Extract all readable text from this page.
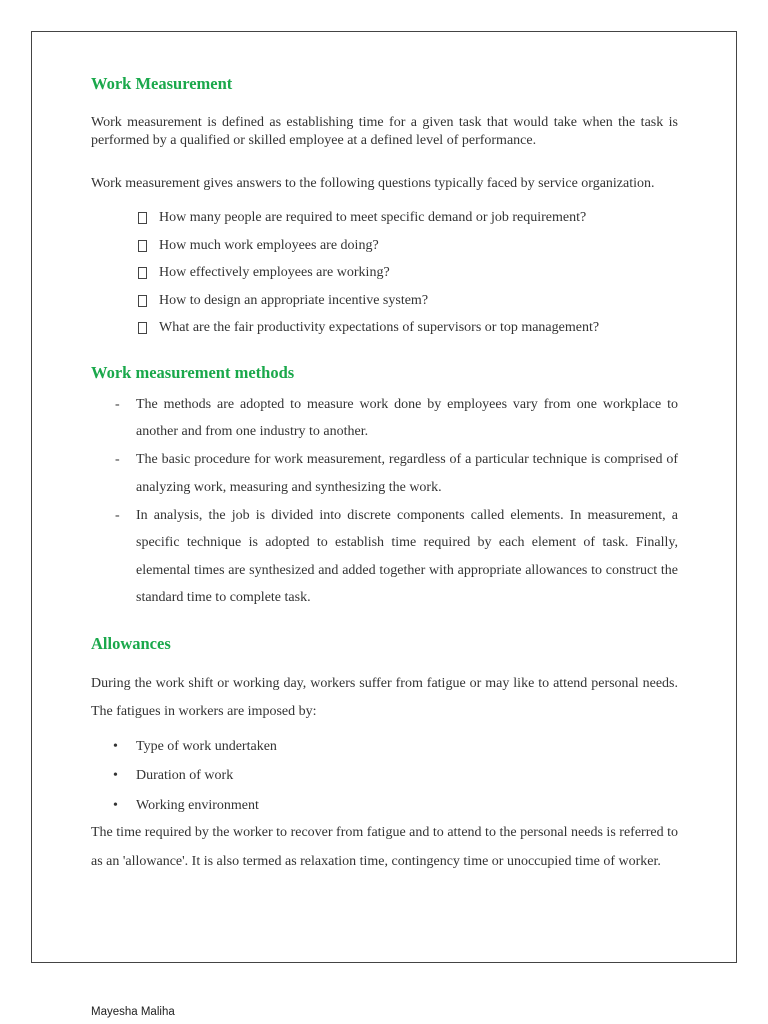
Work Measurement

Work measurement is defined as establishing time for a given task that would take when the task is performed by a qualified or skilled employee at a defined level of performance.

Work measurement gives answers to the following questions typically faced by service organization.

How many people are required to meet specific demand or job requirement?
How much work employees are doing?
How effectively employees are working?
How to design an appropriate incentive system?
What are the fair productivity expectations of supervisors or top management?
Work measurement methods
-	The methods are adopted to measure work done by employees vary from one workplace to another and from one industry to another.
-	The basic procedure for work measurement, regardless of a particular technique is comprised of analyzing work, measuring and synthesizing the work.
-	In analysis, the job is divided into discrete components called elements. In measurement, a specific technique is adopted to establish time required by each element of task. Finally, elemental times are synthesized and added together with appropriate allowances to construct the standard time to complete task.
Allowances

During the work shift or working day, workers suffer from fatigue or may like to attend personal needs. The fatigues in workers are imposed by:

•	Type of work undertaken
•	Duration of work
•	Working environment

The time required by the worker to recover from fatigue and to attend to the personal needs is referred to as an 'allowance'. It is also termed as relaxation time, contingency time or unoccupied time of worker.

Mayesha Maliha
